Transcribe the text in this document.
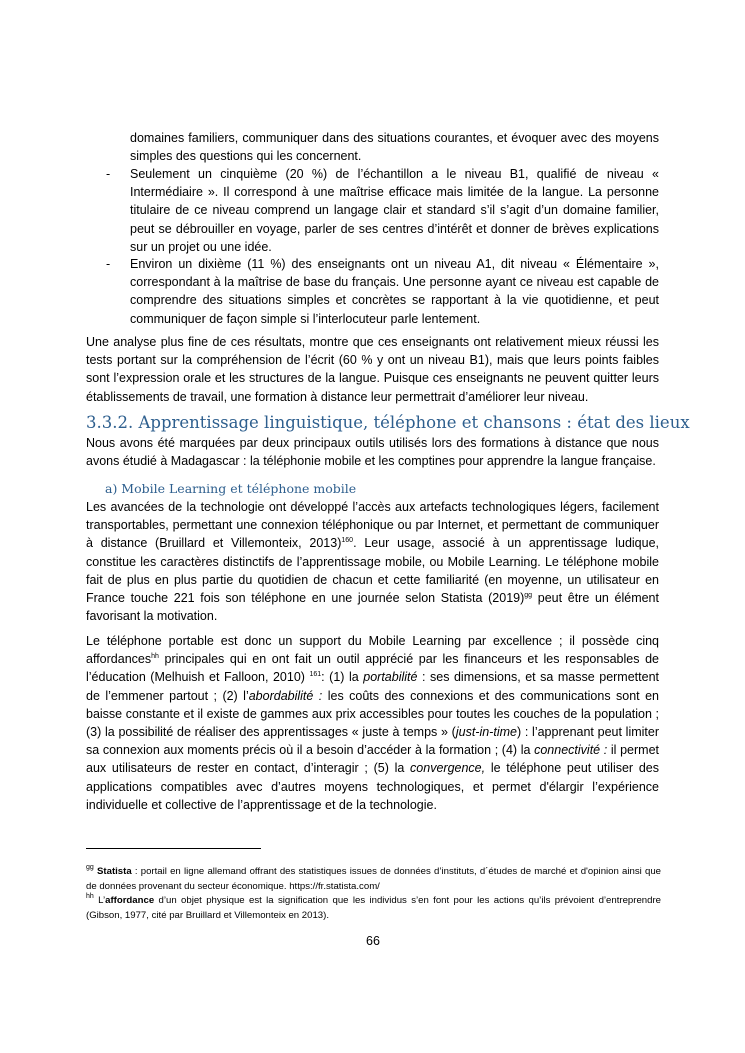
domaines familiers, communiquer dans des situations courantes, et évoquer avec des moyens simples des questions qui les concernent.

- Seulement un cinquième (20 %) de l’échantillon a le niveau B1, qualifié de niveau « Intermédiaire ». Il correspond à une maîtrise efficace mais limitée de la langue. La personne titulaire de ce niveau comprend un langage clair et standard s’il s’agit d’un domaine familier, peut se débrouiller en voyage, parler de ses centres d’intérêt et donner de brèves explications sur un projet ou une idée.

- Environ un dixième (11 %) des enseignants ont un niveau A1, dit niveau « Élémentaire », correspondant à la maîtrise de base du français. Une personne ayant ce niveau est capable de comprendre des situations simples et concrètes se rapportant à la vie quotidienne, et peut communiquer de façon simple si l’interlocuteur parle lentement.

Une analyse plus fine de ces résultats, montre que ces enseignants ont relativement mieux réussi les tests portant sur la compréhension de l’écrit (60 % y ont un niveau B1), mais que leurs points faibles sont l’expression orale et les structures de la langue. Puisque ces enseignants ne peuvent quitter leurs établissements de travail, une formation à distance leur permettrait d’améliorer leur niveau.

3.3.2. Apprentissage linguistique, téléphone et chansons : état des lieux

Nous avons été marquées par deux principaux outils utilisés lors des formations à distance que nous avons étudié à Madagascar : la téléphonie mobile et les comptines pour apprendre la langue française.

a) Mobile Learning et téléphone mobile

Les avancées de la technologie ont développé l’accès aux artefacts technologiques légers, facilement transportables, permettant une connexion téléphonique ou par Internet, et permettant de communiquer à distance (Bruillard et Villemonteix, 2013)$^{160}$. Leur usage, associé à un apprentissage ludique, constitue les caractères distinctifs de l’apprentissage mobile, ou Mobile Learning. Le téléphone mobile fait de plus en plus partie du quotidien de chacun et cette familiarité (en moyenne, un utilisateur en France touche 221 fois son téléphone en une journée selon Statista $(2019)^{gg}$ peut être un élément favorisant la motivation.

Le téléphone portable est donc un support du Mobile Learning par excellence ; il possède cinq affordances$^{hh}$ principales qui en ont fait un outil apprécié par les financeurs et les responsables de l’éducation (Melhuish et Falloon, 2010) $^{161}$: (1) la portabilité : ses dimensions, et sa masse permettent de l’emmener partout ; (2) l’abordabilité : les coûts des connexions et des communications sont en baisse constante et il existe de gammes aux prix accessibles pour toutes les couches de la population ; (3) la possibilité de réaliser des apprentissages « juste à temps » (just-in-time) : l’apprenant peut limiter sa connexion aux moments précis où il a besoin d’accéder à la formation ; (4) la connectivité : il permet aux utilisateurs de rester en contact, d’interagir ; (5) la convergence, le téléphone peut utiliser des applications compatibles avec d’autres moyens technologiques, et permet d'élargir l’expérience individuelle et collective de l’apprentissage et de la technologie.

$^{gg}$ Statista : portail en ligne allemand offrant des statistiques issues de données d’instituts, d´études de marché et d'opinion ainsi que de données provenant du secteur économique. https://fr.statista.com/

$^{hh}$ L’affordance d’un objet physique est la signification que les individus s’en font pour les actions qu’ils prévoient d’entreprendre (Gibson, 1977, cité par Bruillard et Villemonteix en 2013).

66
